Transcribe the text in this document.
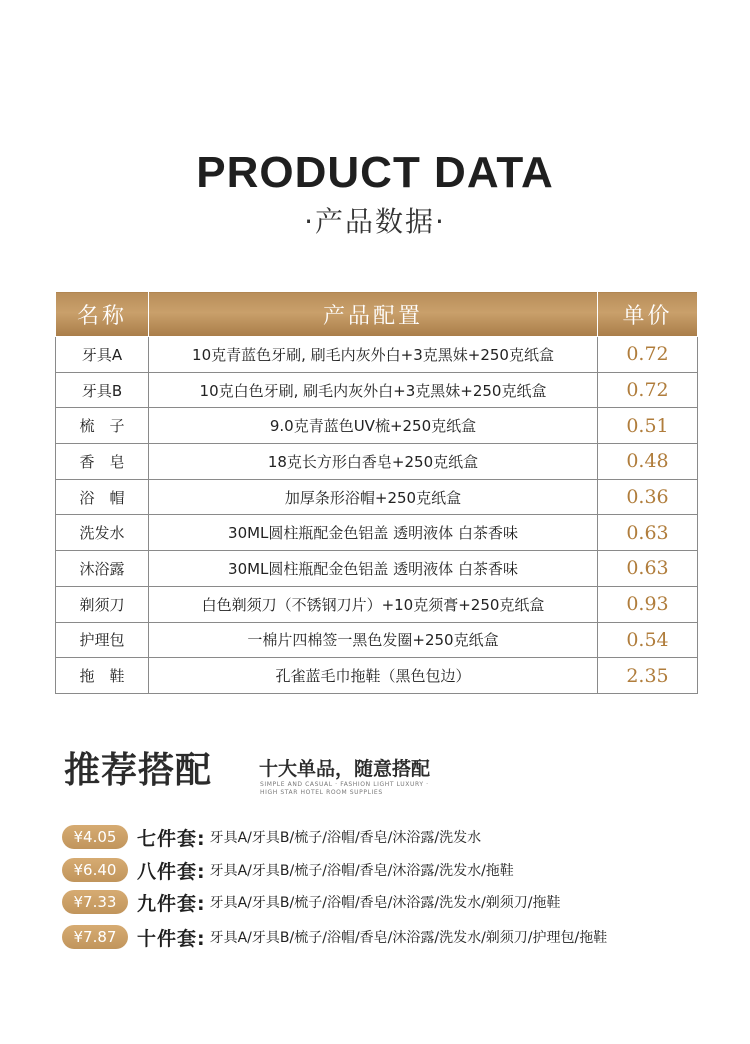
PRODUCT DATA
·产品数据·
名称	产品配置	单价
牙具A	10克青蓝色牙刷, 刷毛内灰外白+3克黑妹+250克纸盒	0.72
牙具B	10克白色牙刷, 刷毛内灰外白+3克黑妹+250克纸盒	0.72
梳　子	9.0克青蓝色UV梳+250克纸盒	0.51
香　皂	18克长方形白香皂+250克纸盒	0.48
浴　帽	加厚条形浴帽+250克纸盒	0.36
洗发水	30ML圆柱瓶配金色铝盖 透明液体 白茶香味	0.63
沐浴露	30ML圆柱瓶配金色铝盖 透明液体 白茶香味	0.63
剃须刀	白色剃须刀（不锈钢刀片）+10克须膏+250克纸盒	0.93
护理包	一棉片四棉签一黑色发圈+250克纸盒	0.54
拖　鞋	孔雀蓝毛巾拖鞋（黑色包边）	2.35
推荐搭配 十大单品，随意搭配
SIMPLE AND CASUAL · FASHION LIGHT LUXURY ·
HIGH STAR HOTEL ROOM SUPPLIES
¥4.05	七件套: 牙具A/牙具B/梳子/浴帽/香皂/沐浴露/洗发水
¥6.40	八件套: 牙具A/牙具B/梳子/浴帽/香皂/沐浴露/洗发水/拖鞋
¥7.33	九件套: 牙具A/牙具B/梳子/浴帽/香皂/沐浴露/洗发水/剃须刀/拖鞋
¥7.87	十件套: 牙具A/牙具B/梳子/浴帽/香皂/沐浴露/洗发水/剃须刀/护理包/拖鞋
